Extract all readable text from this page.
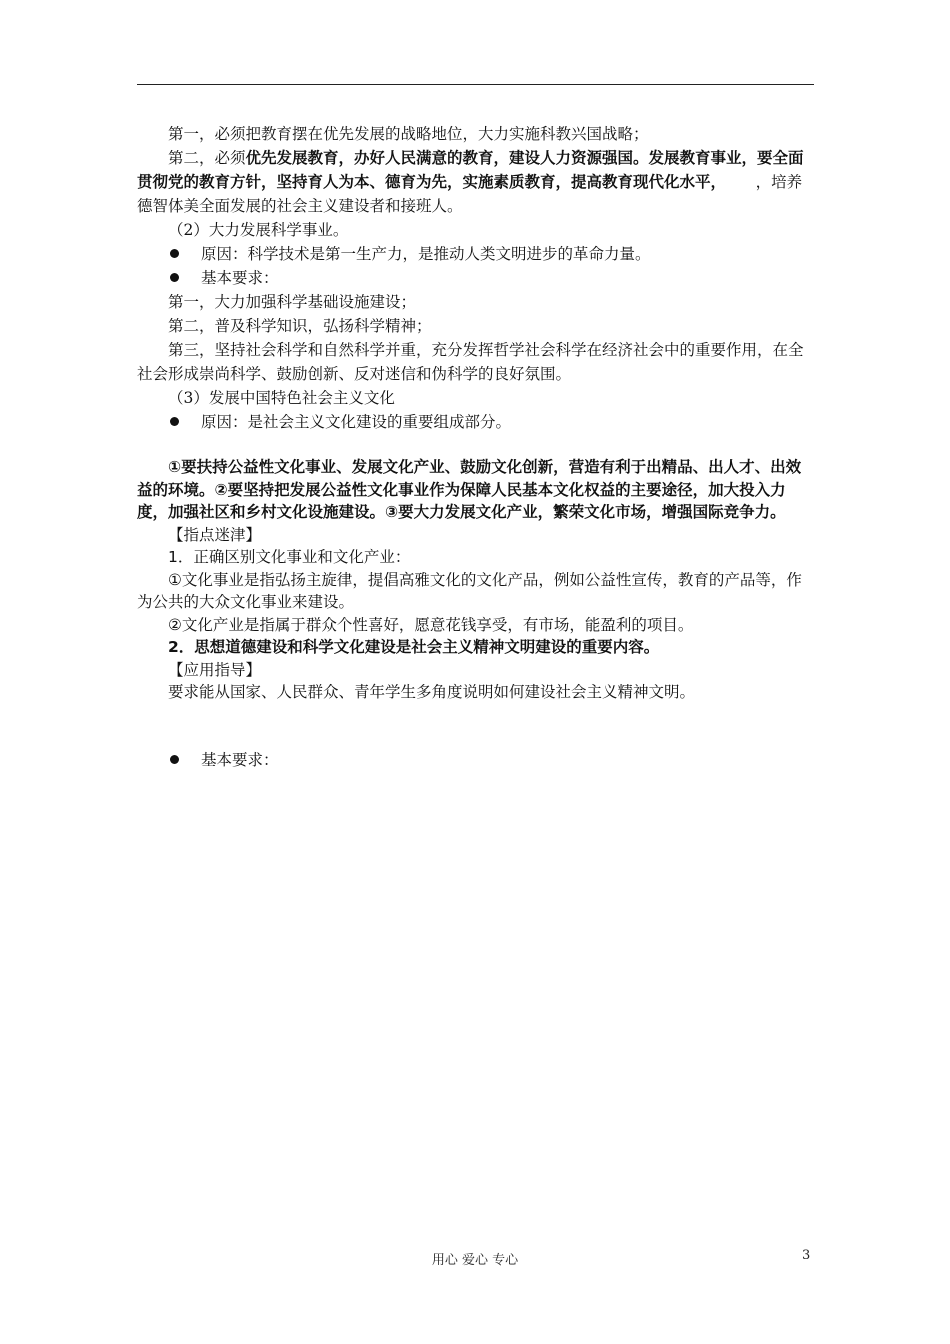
第一，必须把教育摆在优先发展的战略地位，大力实施科教兴国战略；

第二，必须优先发展教育，办好人民满意的教育，建设人力资源强国。发展教育事业，要全面贯彻党的教育方针，坚持育人为本、德育为先，实施素质教育，提高教育现代化水平， ，培养德智体美全面发展的社会主义建设者和接班人。

（2）大力发展科学事业。

原因：科学技术是第一生产力，是推动人类文明进步的革命力量。

基本要求：

第一，大力加强科学基础设施建设；

第二，普及科学知识，弘扬科学精神；

第三，坚持社会科学和自然科学并重，充分发挥哲学社会科学在经济社会中的重要作用，在全社会形成崇尚科学、鼓励创新、反对迷信和伪科学的良好氛围。

（3）发展中国特色社会主义文化

原因：是社会主义文化建设的重要组成部分。

①要扶持公益性文化事业、发展文化产业、鼓励文化创新，营造有利于出精品、出人才、出效益的环境。②要坚持把发展公益性文化事业作为保障人民基本文化权益的主要途径，加大投入力度，加强社区和乡村文化设施建设。③要大力发展文化产业，繁荣文化市场，增强国际竞争力。

【指点迷津】

1．正确区别文化事业和文化产业：

①文化事业是指弘扬主旋律，提倡高雅文化的文化产品，例如公益性宣传，教育的产品等，作为公共的大众文化事业来建设。

②文化产业是指属于群众个性喜好，愿意花钱享受，有市场，能盈利的项目。

2．思想道德建设和科学文化建设是社会主义精神文明建设的重要内容。

【应用指导】

要求能从国家、人民群众、青年学生多角度说明如何建设社会主义精神文明。

基本要求：

用心 爱心 专心	3
